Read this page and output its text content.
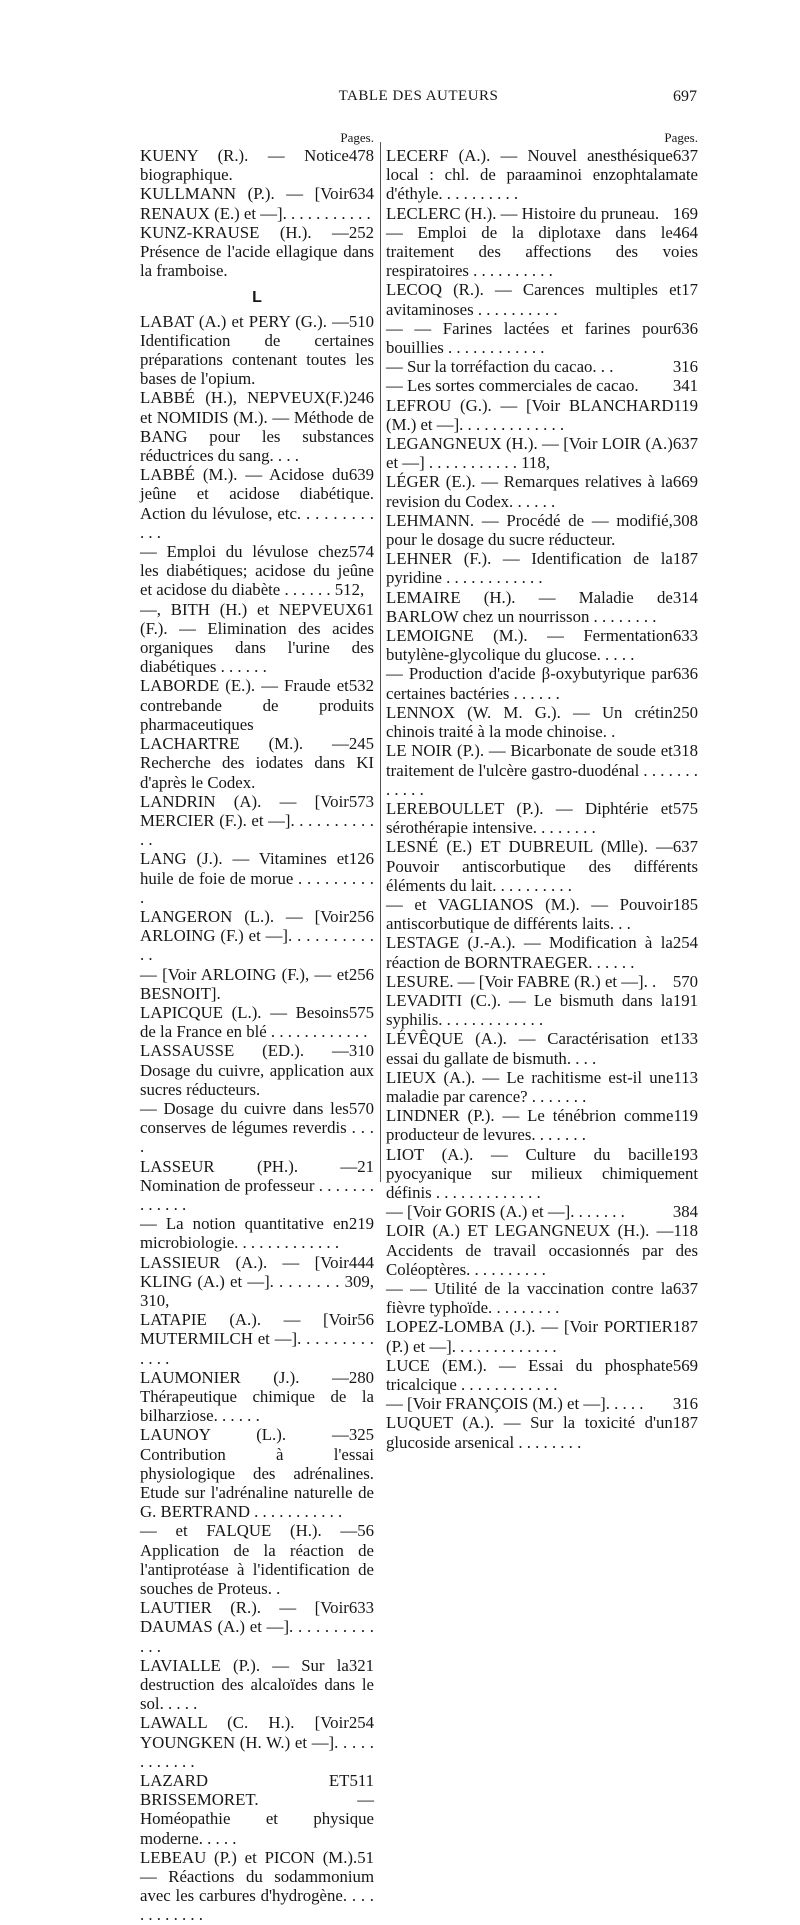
TABLE DES AUTEURS	697
Pages.
478
KUENY (R.). — Notice biographique.
634
KULLMANN (P.). — [Voir RENAUX (E.) et —]. . . . . . . . . . .
252
KUNZ-KRAUSE (H.). — Présence de l'acide ellagique dans la framboise.
L
510
LABAT (A.) et PERY (G.). — Identification de certaines préparations contenant toutes les bases de l'opium.
246
LABBÉ (H.), NEPVEUX(F.) et NOMIDIS (M.). — Méthode de BANG pour les substances réductrices du sang. . . .
639
LABBÉ (M.). — Acidose du jeûne et acidose diabétique. Action du lévulose, etc. . . . . . . . . . . .
574
— Emploi du lévulose chez les diabétiques; acidose du jeûne et acidose du diabète . . . . . . 512,
61
—, BITH (H.) et NEPVEUX (F.). — Elimination des acides organiques dans l'urine des diabétiques . . . . . .
532
LABORDE (E.). — Fraude et contrebande de produits pharmaceutiques
245
LACHARTRE (M.). — Recherche des iodates dans KI d'après le Codex.
573
LANDRIN (A). — [Voir MERCIER (F.). et —]. . . . . . . . . . . .
126
LANG (J.). — Vitamines et huile de foie de morue . . . . . . . . . .
256
LANGERON (L.). — [Voir ARLOING (F.) et —]. . . . . . . . . . . .
256
— [Voir ARLOING (F.), — et BESNOIT].
575
LAPICQUE (L.). — Besoins de la France en blé . . . . . . . . . . . .
310
LASSAUSSE (ED.). — Dosage du cuivre, application aux sucres réducteurs.
570
— Dosage du cuivre dans les conserves de légumes reverdis . . . .
21
LASSEUR (PH.). — Nomination de professeur . . . . . . . . . . . . .
219
— La notion quantitative en microbiologie. . . . . . . . . . . . .
444
LASSIEUR (A.). — [Voir KLING (A.) et —]. . . . . . . . 309, 310,
56
LATAPIE (A.). — [Voir MUTERMILCH et —]. . . . . . . . . . . . .
280
LAUMONIER (J.). — Thérapeutique chimique de la bilharziose. . . . . .
325
LAUNOY (L.). — Contribution à l'essai physiologique des adrénalines. Etude sur l'adrénaline naturelle de G. BERTRAND . . . . . . . . . . .
56
— et FALQUE (H.). — Application de la réaction de l'antiprotéase à l'identification de souches de Proteus. .
633
LAUTIER (R.). — [Voir DAUMAS (A.) et —]. . . . . . . . . . . . .
321
LAVIALLE (P.). — Sur la destruction des alcaloïdes dans le sol. . . . .
254
LAWALL (C. H.). [Voir YOUNGKEN (H. W.) et —]. . . . . . . . . . . .
511
LAZARD ET BRISSEMORET. — Homéopathie et physique moderne. . . . .
51
LEBEAU (P.) et PICON (M.). — Réactions du sodammonium avec les carbures d'hydrogène. . . . . . . . . . . .
Pages.
637
LECERF (A.). — Nouvel anesthésique local : chl. de paraaminoi enzophtalamate d'éthyle. . . . . . . . . .
169
LECLERC (H.). — Histoire du pruneau.
464
— Emploi de la diplotaxe dans le traitement des affections des voies respiratoires . . . . . . . . . .
17
LECOQ (R.). — Carences multiples et avitaminoses . . . . . . . . . .
636
— — Farines lactées et farines pour bouillies . . . . . . . . . . . .
316
— Sur la torréfaction du cacao. . .
341
— Les sortes commerciales de cacao.
119
LEFROU (G.). — [Voir BLANCHARD (M.) et —]. . . . . . . . . . . . .
637
LEGANGNEUX (H.). — [Voir LOIR (A.) et —] . . . . . . . . . . . 118,
669
LÉGER (E.). — Remarques relatives à la revision du Codex. . . . . .
308
LEHMANN. — Procédé de — modifié, pour le dosage du sucre réducteur.
187
LEHNER (F.). — Identification de la pyridine . . . . . . . . . . . .
314
LEMAIRE (H.). — Maladie de BARLOW chez un nourrisson . . . . . . . .
633
LEMOIGNE (M.). — Fermentation butylène-glycolique du glucose. . . . .
636
— Production d'acide β-oxybutyrique par certaines bactéries . . . . . .
250
LENNOX (W. M. G.). — Un crétin chinois traité à la mode chinoise. .
318
LE NOIR (P.). — Bicarbonate de soude et traitement de l'ulcère gastro-duodénal . . . . . . . . . . . .
575
LEREBOULLET (P.). — Diphtérie et sérothérapie intensive. . . . . . . .
637
LESNÉ (E.) ET DUBREUIL (Mlle). — Pouvoir antiscorbutique des différents éléments du lait. . . . . . . . . .
185
— et VAGLIANOS (M.). — Pouvoir antiscorbutique de différents laits. . .
254
LESTAGE (J.-A.). — Modification à la réaction de BORNTRAEGER. . . . . .
570
LESURE. — [Voir FABRE (R.) et —]. .
191
LEVADITI (C.). — Le bismuth dans la syphilis. . . . . . . . . . . . .
133
LÉVÊQUE (A.). — Caractérisation et essai du gallate de bismuth. . . .
113
LIEUX (A.). — Le rachitisme est-il une maladie par carence? . . . . . . .
119
LINDNER (P.). — Le ténébrion comme producteur de levures. . . . . . .
193
LIOT (A.). — Culture du bacille pyocyanique sur milieux chimiquement définis . . . . . . . . . . . . .
384
— [Voir GORIS (A.) et —]. . . . . . .
118
LOIR (A.) ET LEGANGNEUX (H.). — Accidents de travail occasionnés par des Coléoptères. . . . . . . . . .
637
— — Utilité de la vaccination contre la fièvre typhoïde. . . . . . . . .
187
LOPEZ-LOMBA (J.). — [Voir PORTIER (P.) et —]. . . . . . . . . . . . .
569
LUCE (EM.). — Essai du phosphate tricalcique . . . . . . . . . . . .
316
— [Voir FRANÇOIS (M.) et —]. . . . .
187
LUQUET (A.). — Sur la toxicité d'un glucoside arsenical . . . . . . . .
